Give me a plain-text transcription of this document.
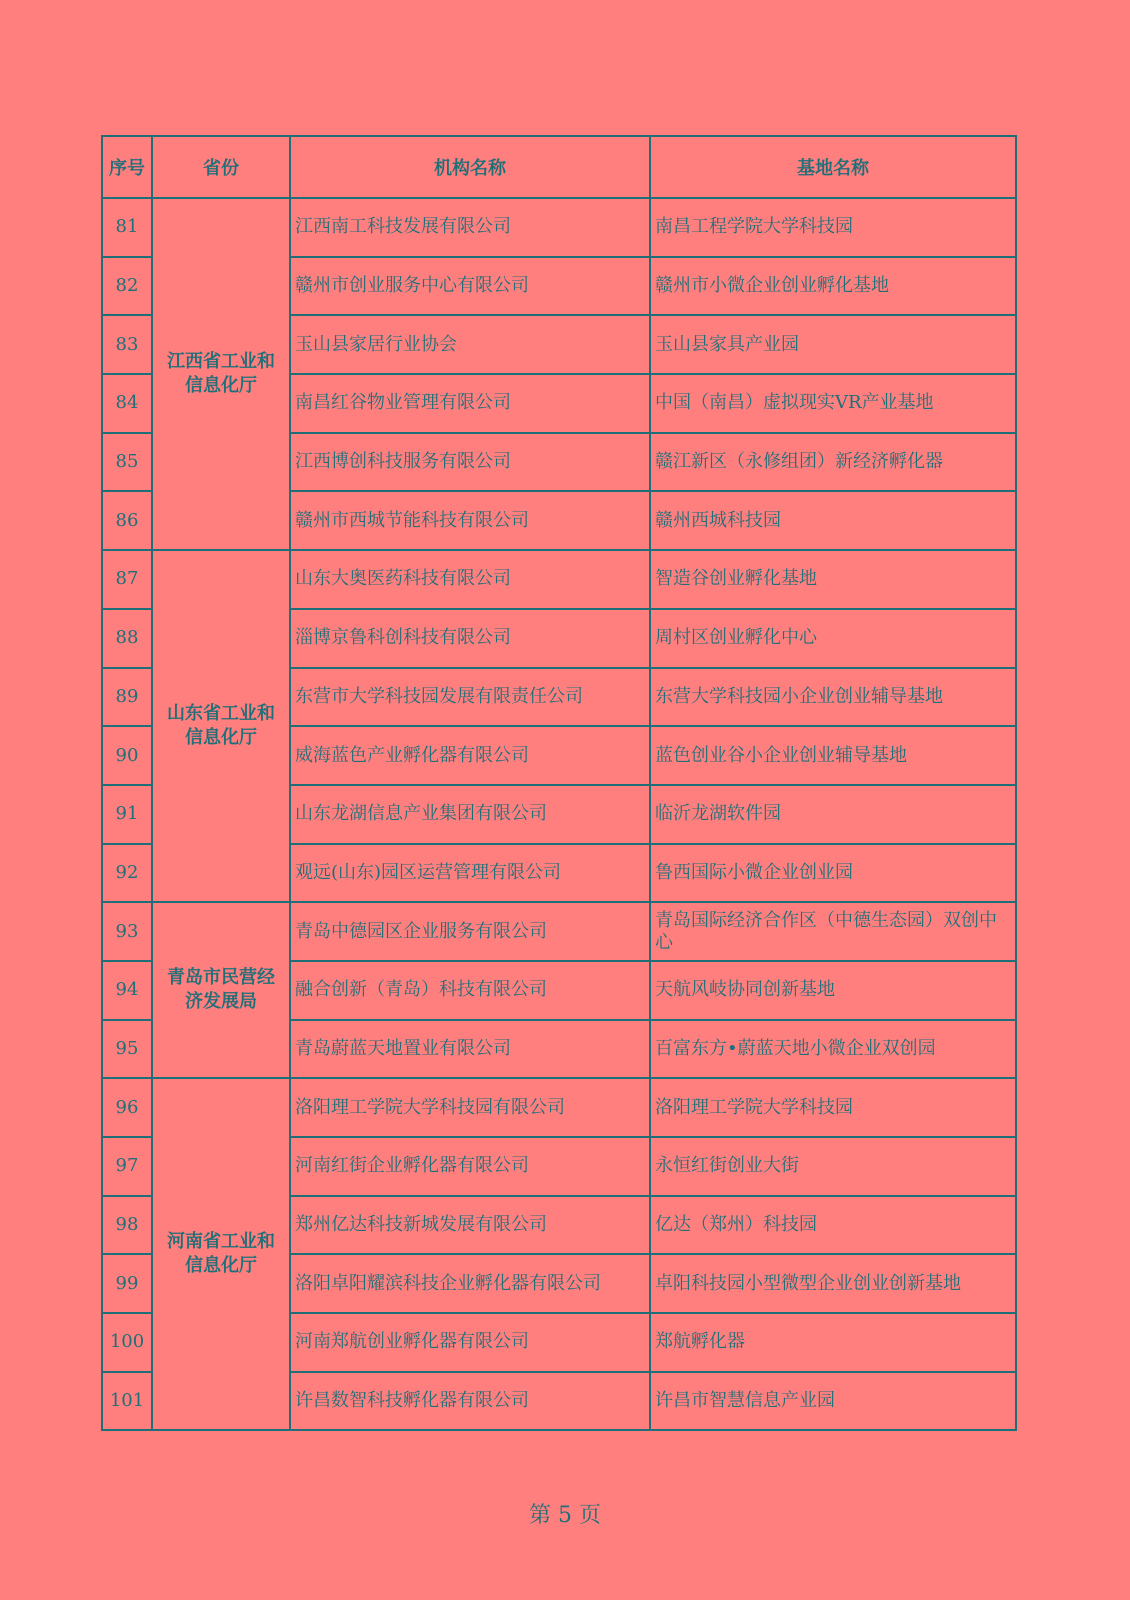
序号	省份	机构名称	基地名称
81	江西省工业和信息化厅	江西南工科技发展有限公司	南昌工程学院大学科技园
82		赣州市创业服务中心有限公司	赣州市小微企业创业孵化基地
83		玉山县家居行业协会	玉山县家具产业园
84		南昌红谷物业管理有限公司	中国（南昌）虚拟现实VR产业基地
85		江西博创科技服务有限公司	赣江新区（永修组团）新经济孵化器
86		赣州市西城节能科技有限公司	赣州西城科技园
87	山东省工业和信息化厅	山东大奥医药科技有限公司	智造谷创业孵化基地
88		淄博京鲁科创科技有限公司	周村区创业孵化中心
89		东营市大学科技园发展有限责任公司	东营大学科技园小企业创业辅导基地
90		威海蓝色产业孵化器有限公司	蓝色创业谷小企业创业辅导基地
91		山东龙湖信息产业集团有限公司	临沂龙湖软件园
92		观远(山东)园区运营管理有限公司	鲁西国际小微企业创业园
93	青岛市民营经济发展局	青岛中德园区企业服务有限公司	青岛国际经济合作区（中德生态园）双创中心
94		融合创新（青岛）科技有限公司	天航风岐协同创新基地
95		青岛蔚蓝天地置业有限公司	百富东方•蔚蓝天地小微企业双创园
96	河南省工业和信息化厅	洛阳理工学院大学科技园有限公司	洛阳理工学院大学科技园
97		河南红街企业孵化器有限公司	永恒红街创业大街
98		郑州亿达科技新城发展有限公司	亿达（郑州）科技园
99		洛阳卓阳耀滨科技企业孵化器有限公司	卓阳科技园小型微型企业创业创新基地
100		河南郑航创业孵化器有限公司	郑航孵化器
101		许昌数智科技孵化器有限公司	许昌市智慧信息产业园
第 5 页
